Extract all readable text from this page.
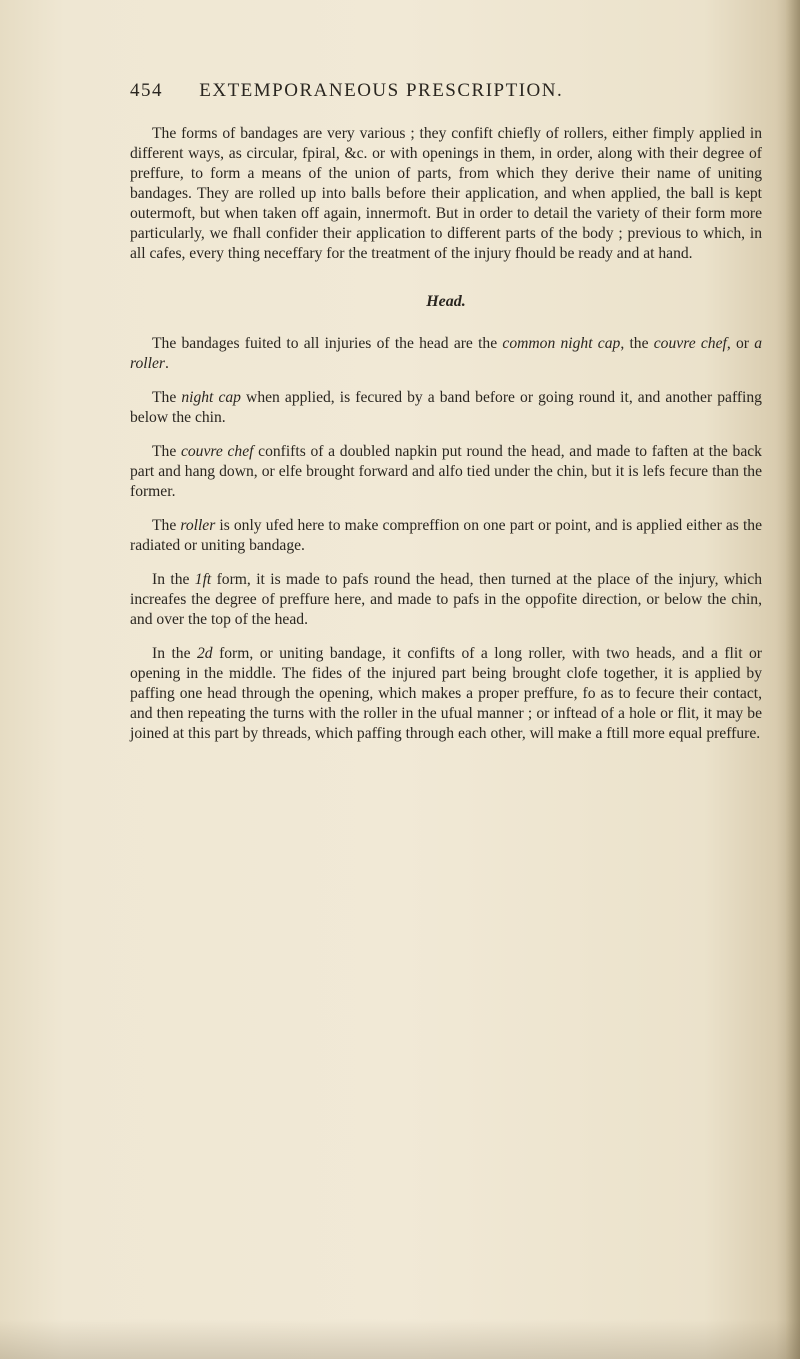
454 EXTEMPORANEOUS PRESCRIPTION.

The forms of bandages are very various ; they confift chiefly of rollers, either fimply applied in different ways, as circular, fpiral, &c. or with openings in them, in order, along with their degree of preffure, to form a means of the union of parts, from which they derive their name of uniting bandages. They are rolled up into balls before their application, and when applied, the ball is kept outermoft, but when taken off again, innermoft. But in order to detail the variety of their form more particularly, we fhall confider their application to different parts of the body ; previous to which, in all cafes, every thing neceffary for the treatment of the injury fhould be ready and at hand.

Head.

The bandages fuited to all injuries of the head are the common night cap, the couvre chef, or a roller.

The night cap when applied, is fecured by a band before or going round it, and another paffing below the chin.

The couvre chef confifts of a doubled napkin put round the head, and made to faften at the back part and hang down, or elfe brought forward and alfo tied under the chin, but it is lefs fecure than the former.

The roller is only ufed here to make compreffion on one part or point, and is applied either as the radiated or uniting bandage.

In the 1ft form, it is made to pafs round the head, then turned at the place of the injury, which increafes the degree of preffure here, and made to pafs in the oppofite direction, or below the chin, and over the top of the head.

In the 2d form, or uniting bandage, it confifts of a long roller, with two heads, and a flit or opening in the middle. The fides of the injured part being brought clofe together, it is applied by paffing one head through the opening, which makes a proper preffure, fo as to fecure their contact, and then repeating the turns with the roller in the ufual manner ; or inftead of a hole or flit, it may be joined at this part by threads, which paffing through each other, will make a ftill more equal preffure.
